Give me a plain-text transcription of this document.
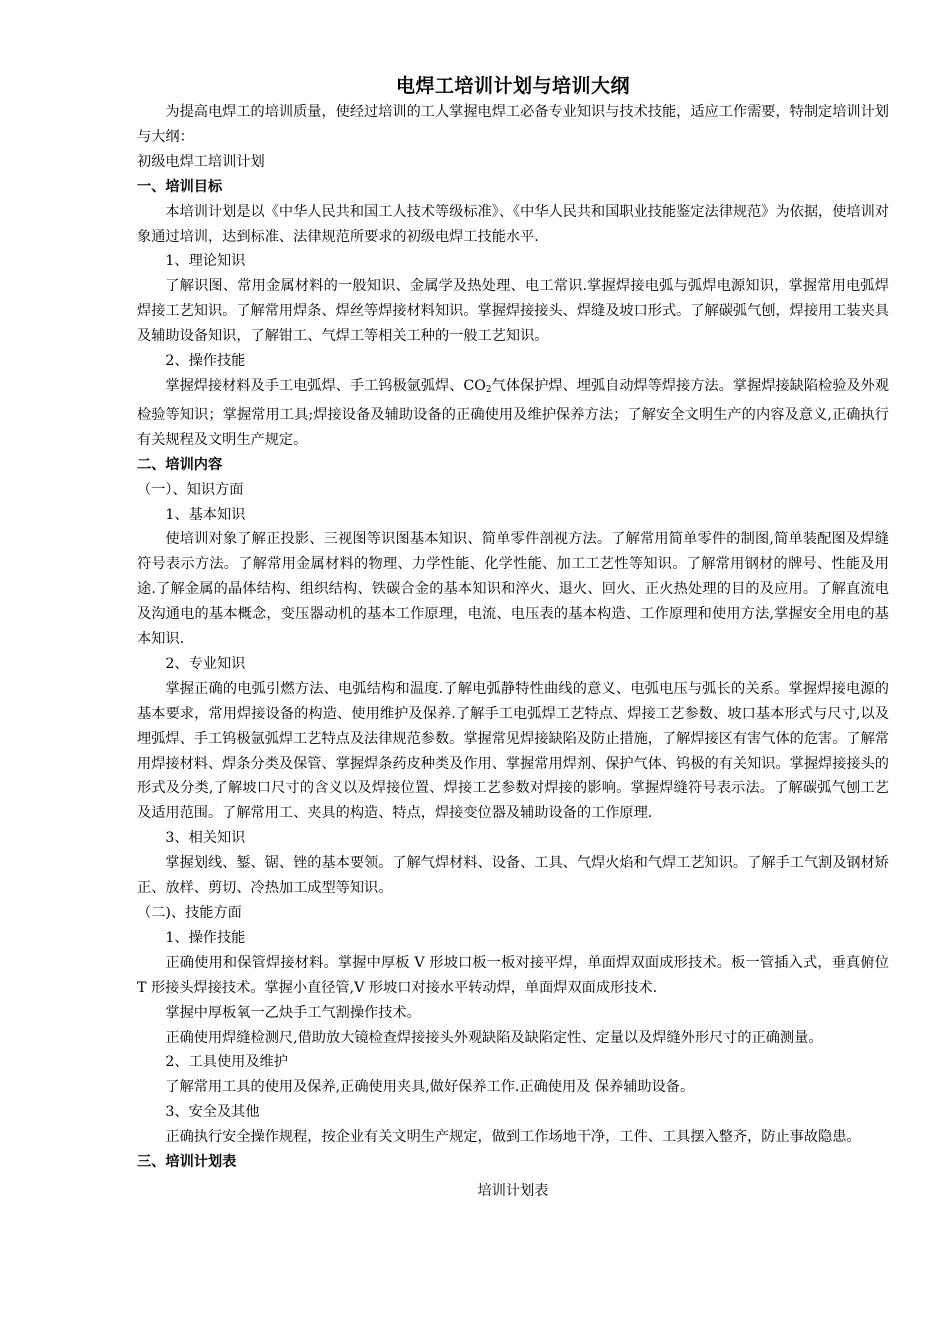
电焊工培训计划与培训大纲

为提高电焊工的培训质量，使经过培训的工人掌握电焊工必备专业知识与技术技能，适应工作需要，特制定培训计划与大纲：

初级电焊工培训计划

一、培训目标

本培训计划是以《中华人民共和国工人技术等级标准》、《中华人民共和国职业技能鉴定法律规范》为依据，使培训对象通过培训，达到标准、法律规范所要求的初级电焊工技能水平.

1、理论知识

了解识图、常用金属材料的一般知识、金属学及热处理、电工常识.掌握焊接电弧与弧焊电源知识，掌握常用电弧焊焊接工艺知识。了解常用焊条、焊丝等焊接材料知识。掌握焊接接头、焊缝及坡口形式。了解碳弧气刨，焊接用工装夹具及辅助设备知识，了解钳工、气焊工等相关工种的一般工艺知识。

2、操作技能

掌握焊接材料及手工电弧焊、手工钨极氩弧焊、$CO_2$气体保护焊、埋弧自动焊等焊接方法。掌握焊接缺陷检验及外观检验等知识；掌握常用工具;焊接设备及辅助设备的正确使用及维护保养方法；了解安全文明生产的内容及意义,正确执行有关规程及文明生产规定。

二、培训内容

（一）、知识方面

1、基本知识

使培训对象了解正投影、三视图等识图基本知识、简单零件剖视方法。了解常用简单零件的制图,简单装配图及焊缝符号表示方法。了解常用金属材料的物理、力学性能、化学性能、加工工艺性等知识。了解常用钢材的牌号、性能及用途.了解金属的晶体结构、组织结构、铁碳合金的基本知识和淬火、退火、回火、正火热处理的目的及应用。了解直流电及沟通电的基本概念，变压器动机的基本工作原理，电流、电压表的基本构造、工作原理和使用方法,掌握安全用电的基本知识.

2、专业知识

掌握正确的电弧引燃方法、电弧结构和温度.了解电弧静特性曲线的意义、电弧电压与弧长的关系。掌握焊接电源的基本要求，常用焊接设备的构造、使用维护及保养.了解手工电弧焊工艺特点、焊接工艺参数、坡口基本形式与尺寸,以及埋弧焊、手工钨极氩弧焊工艺特点及法律规范参数。掌握常见焊接缺陷及防止措施，了解焊接区有害气体的危害。了解常用焊接材料、焊条分类及保管、掌握焊条药皮种类及作用、掌握常用焊剂、保护气体、钨极的有关知识。掌握焊接接头的形式及分类,了解坡口尺寸的含义以及焊接位置、焊接工艺参数对焊接的影响。掌握焊缝符号表示法。了解碳弧气刨工艺及适用范围。了解常用工、夹具的构造、特点，焊接变位器及辅助设备的工作原理.

3、相关知识

掌握划线、錾、锯、锉的基本要领。了解气焊材料、设备、工具、气焊火焰和气焊工艺知识。了解手工气割及钢材矫正、放样、剪切、冷热加工成型等知识。

（二)、技能方面

1、操作技能

正确使用和保管焊接材料。掌握中厚板 V 形坡口板一板对接平焊，单面焊双面成形技术。板一管插入式，垂真俯位 T 形接头焊接技术。掌握小直径管,V 形坡口对接水平转动焊，单面焊双面成形技术.

掌握中厚板氧一乙炔手工气割操作技术。

正确使用焊缝检测尺,借助放大镜检查焊接接头外观缺陷及缺陷定性、定量以及焊缝外形尺寸的正确测量。

2、工具使用及维护

了解常用工具的使用及保养,正确使用夹具,做好保养工作.正确使用及 保养辅助设备。

3、安全及其他

正确执行安全操作规程，按企业有关文明生产规定，做到工作场地干净，工件、工具摆入整齐，防止事故隐患。

三、培训计划表

培训计划表
